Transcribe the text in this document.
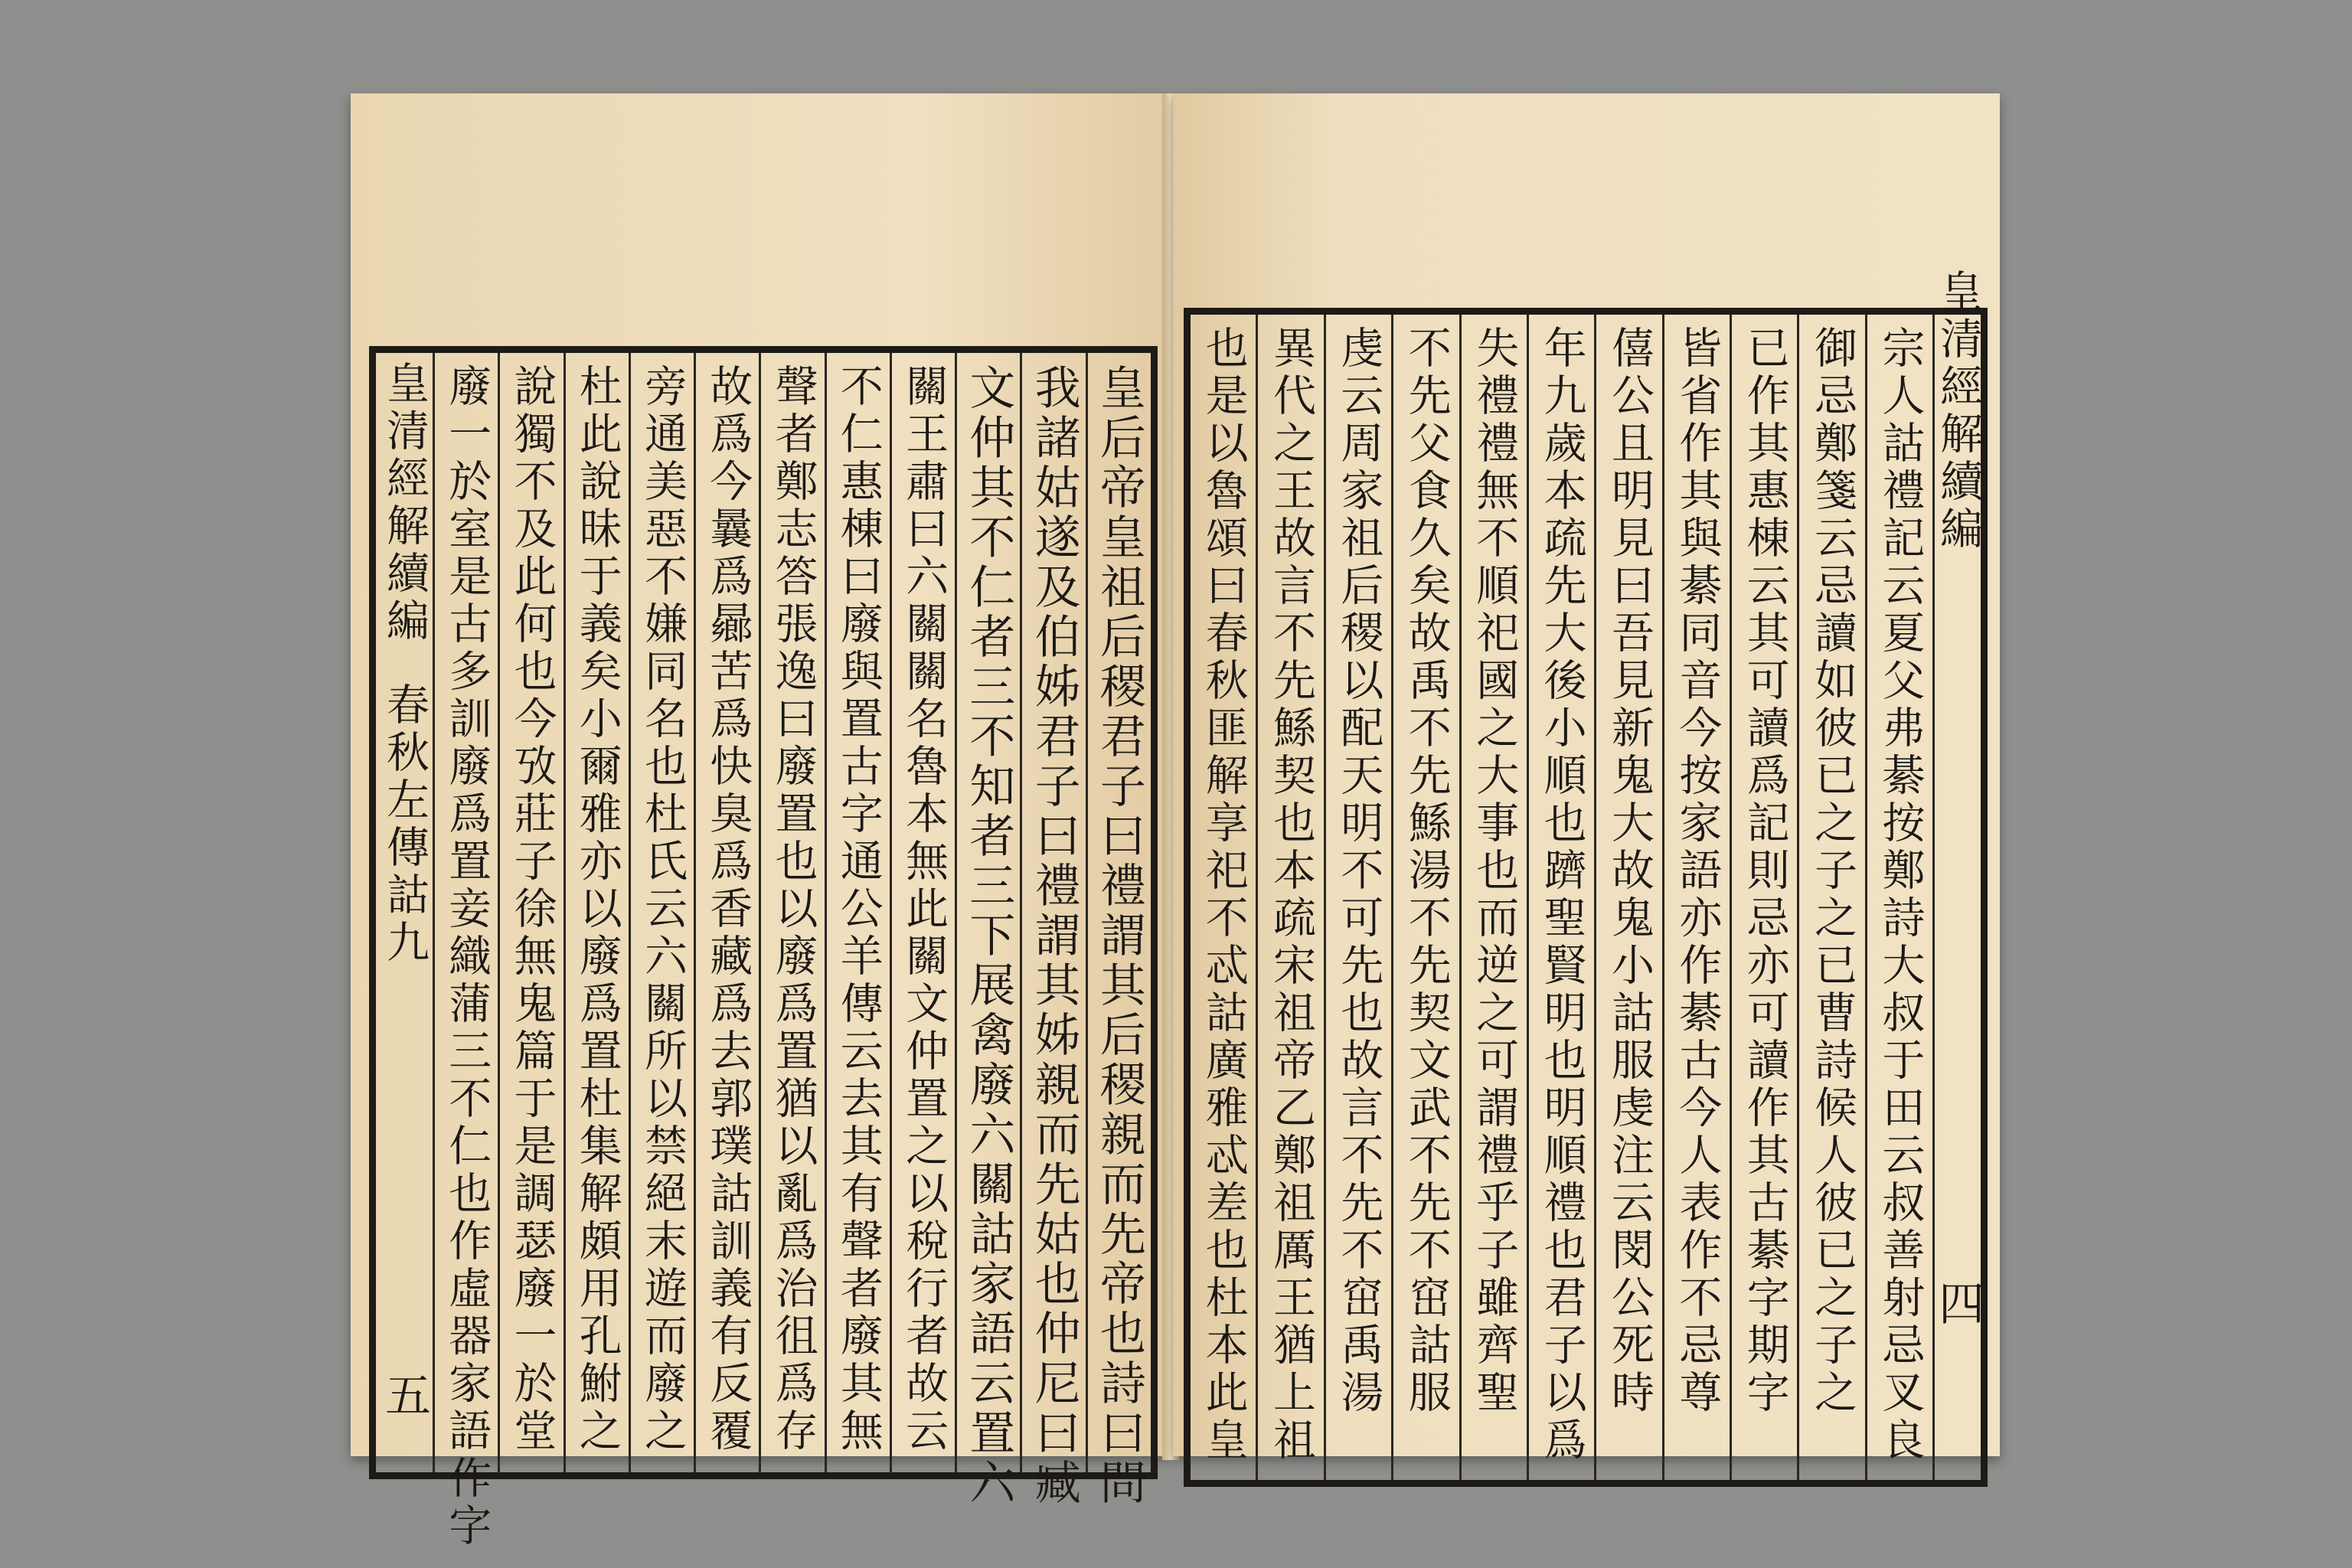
皇后帝皇祖后稷君子曰禮謂其后稷親而先帝也詩曰問
我諸姑遂及伯姊君子曰禮謂其姊親而先姑也仲尼曰臧
文仲其不仁者三不知者三下展禽廢六關詁家語云置六
關王肅曰六關關名魯本無此關文仲置之以稅行者故云
不仁惠棟曰廢與置古字通公羊傳云去其有聲者廢其無
聲者鄭志答張逸曰廢置也以廢爲置猶以亂爲治徂爲存
故爲今曩爲曏苦爲快臭爲香藏爲去郭璞詁訓義有反覆
旁通美惡不嫌同名也杜氏云六關所以禁絕末遊而廢之
杜此說昧于義矣小爾雅亦以廢爲置杜集解頗用孔鮒之
說獨不及此何也今攷莊子徐無鬼篇于是調瑟廢一於堂
廢一於室是古多訓廢爲置妾織蒲三不仁也作虛器家語作字
皇清經解續編
春秋左傳詁九
五
皇清經解續編
四
宗人詁禮記云夏父弗綦按鄭詩大叔于田云叔善射忌叉良
御忌鄭箋云忌讀如彼已之子之已曹詩候人彼已之子之
已作其惠棟云其可讀爲記則忌亦可讀作其古綦字期字
皆省作其與綦同音今按家語亦作綦古今人表作不忌尊
僖公且明見曰吾見新鬼大故鬼小詁服虔注云閔公死時
年九歲本疏先大後小順也躋聖賢明也明順禮也君子以爲
失禮禮無不順祀國之大事也而逆之可謂禮乎子雖齊聖
不先父食久矣故禹不先鯀湯不先契文武不先不窋詁服
虔云周家祖后稷以配天明不可先也故言不先不窋禹湯
異代之王故言不先鯀契也本疏宋祖帝乙鄭祖厲王猶上祖
也是以魯頌曰春秋匪解享祀不忒詁廣雅忒差也杜本此皇
